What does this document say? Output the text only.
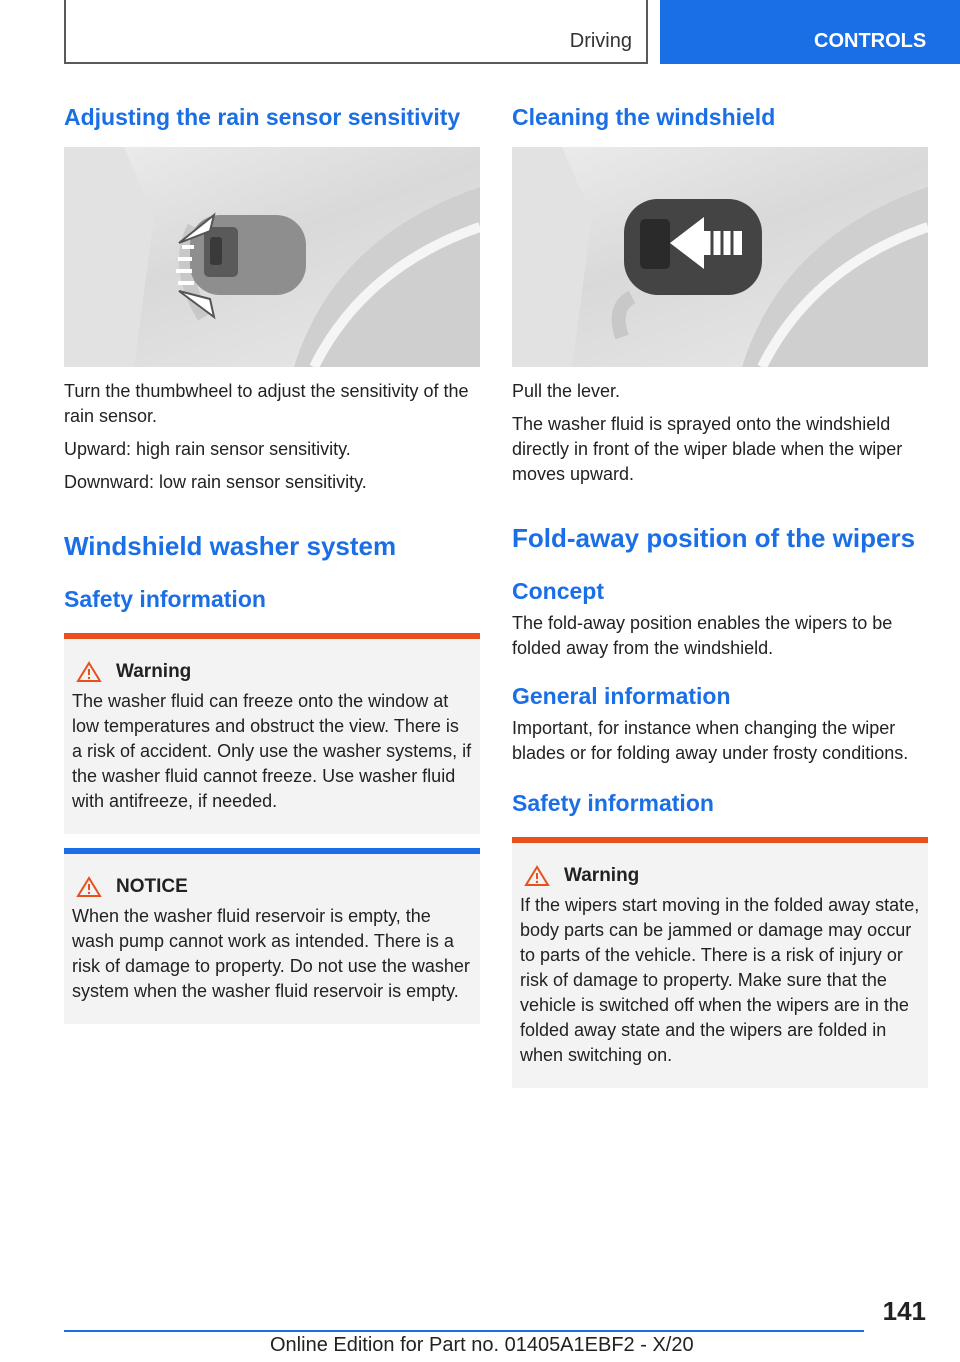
Driving	CONTROLS
Adjusting the rain sensor sensitivity

Turn the thumbwheel to adjust the sensitivity of the rain sensor.

Upward: high rain sensor sensitivity.

Downward: low rain sensor sensitivity.

Windshield washer system
Safety information
Warning

The washer fluid can freeze onto the window at low temperatures and obstruct the view. There is a risk of accident. Only use the washer systems, if the washer fluid cannot freeze. Use washer fluid with antifreeze, if needed.

NOTICE

When the washer fluid reservoir is empty, the wash pump cannot work as intended. There is a risk of damage to property. Do not use the washer system when the washer fluid reservoir is empty.

Cleaning the windshield

Pull the lever.

The washer fluid is sprayed onto the windshield directly in front of the wiper blade when the wiper moves upward.

Fold-away position of the wipers
Concept

The fold-away position enables the wipers to be folded away from the windshield.

General information

Important, for instance when changing the wiper blades or for folding away under frosty conditions.

Safety information
Warning

If the wipers start moving in the folded away state, body parts can be jammed or damage may occur to parts of the vehicle. There is a risk of injury or risk of damage to property. Make sure that the vehicle is switched off when the wipers are in the folded away state and the wipers are folded in when switching on.

141
Online Edition for Part no. 01405A1EBF2 - X/20
